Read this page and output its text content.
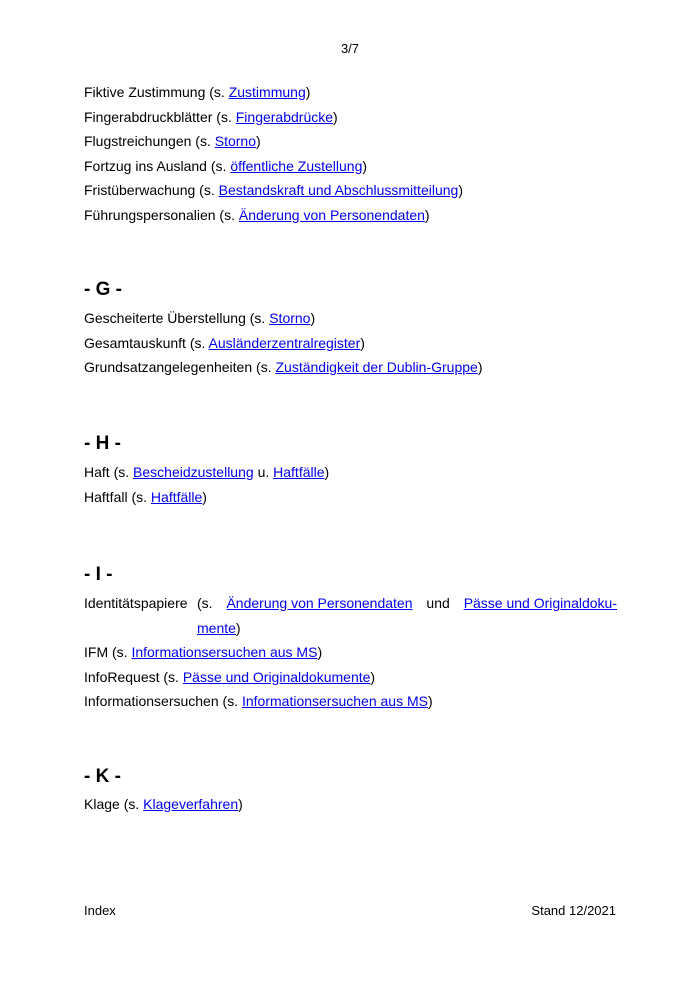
3/7
Fiktive Zustimmung (s. Zustimmung)
Fingerabdruckblätter (s. Fingerabdrücke)
Flugstreichungen (s. Storno)
Fortzug ins Ausland (s. öffentliche Zustellung)
Fristüberwachung (s. Bestandskraft und Abschlussmitteilung)
Führungspersonalien (s. Änderung von Personendaten)
- G -
Gescheiterte Überstellung (s. Storno)
Gesamtauskunft (s. Ausländerzentralregister)
Grundsatzangelegenheiten (s. Zuständigkeit der Dublin-Gruppe)
- H -
Haft (s. Bescheidzustellung u. Haftfälle)
Haftfall (s. Haftfälle)
- I -
Identitätspapiere (s. Änderung von Personendaten und Pässe und Originaldoku-
mente)
IFM (s. Informationsersuchen aus MS)
InfoRequest (s. Pässe und Originaldokumente)
Informationsersuchen (s. Informationsersuchen aus MS)
- K -
Klage (s. Klageverfahren)
Index	Stand 12/2021
